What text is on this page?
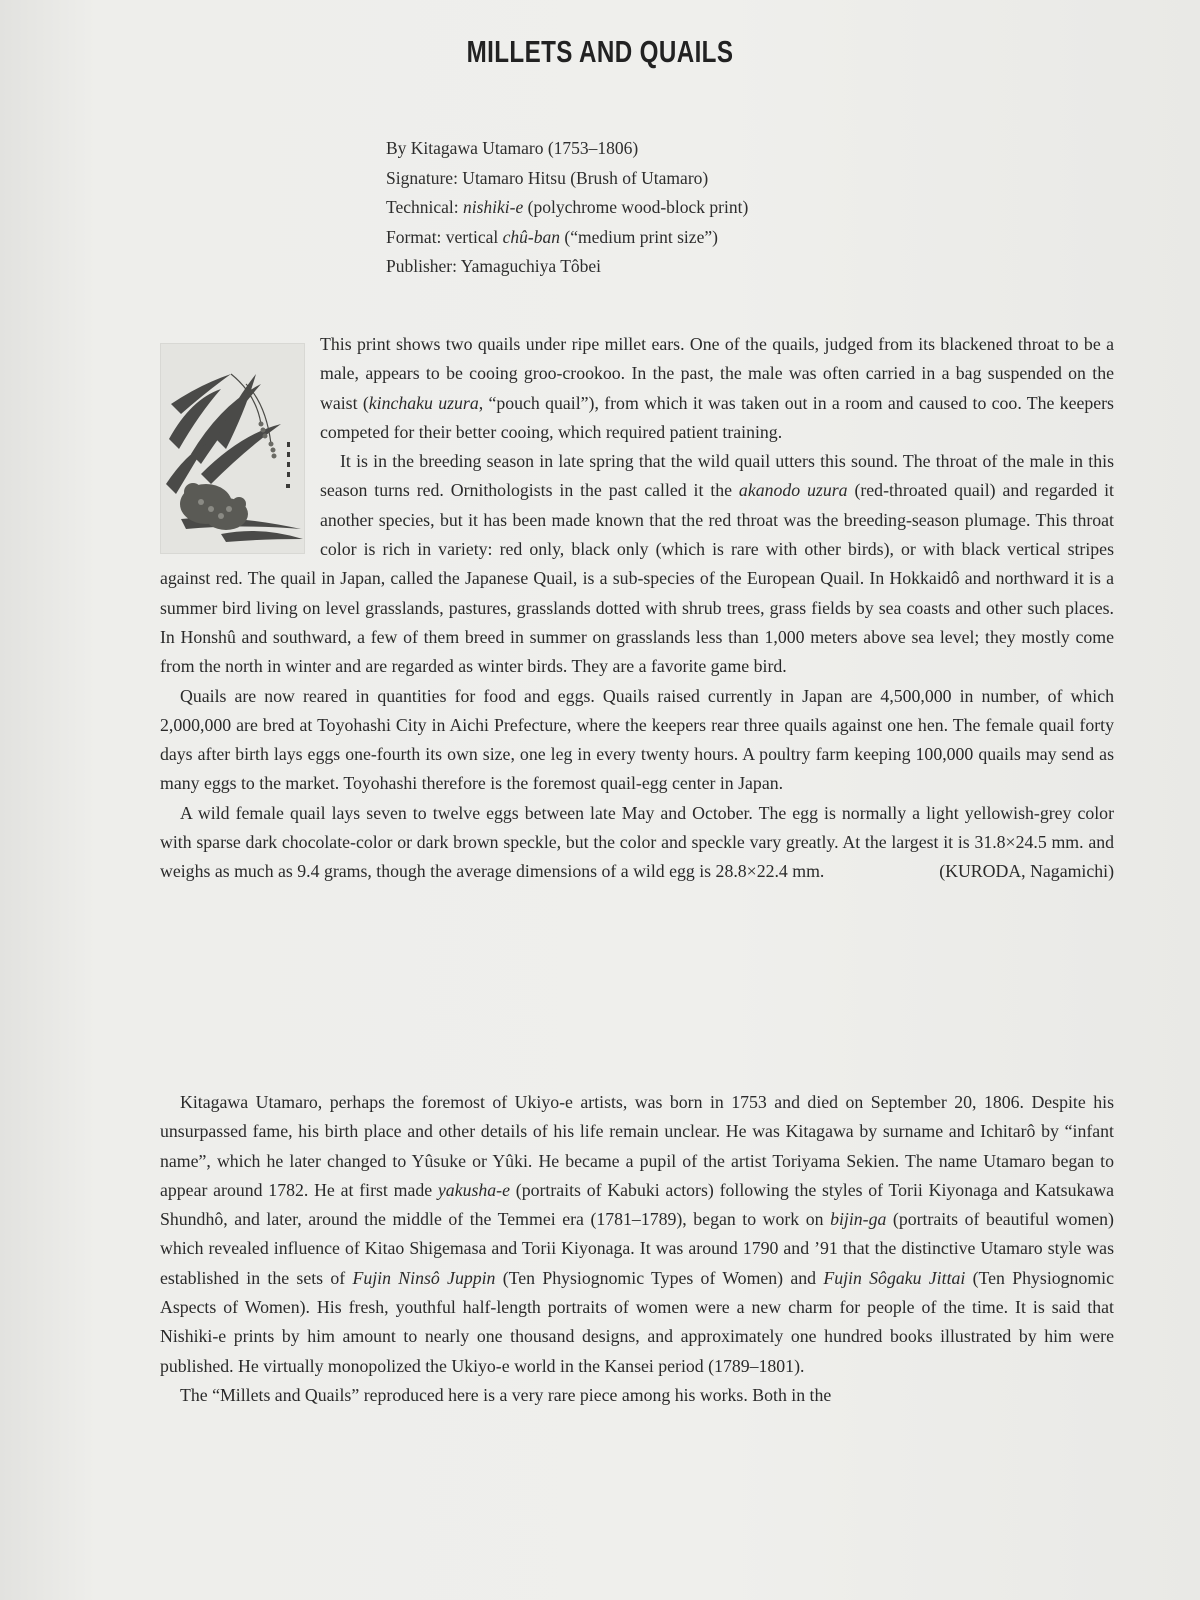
MILLETS AND QUAILS
By Kitagawa Utamaro (1753–1806)
Signature: Utamaro Hitsu (Brush of Utamaro)
Technical: nishiki-e (polychrome wood-block print)
Format: vertical chû-ban (“medium print size”)
Publisher: Yamaguchiya Tôbei

This print shows two quails under ripe millet ears. One of the quails, judged from its blackened throat to be a male, appears to be cooing groo-crookoo. In the past, the male was often carried in a bag suspended on the waist (kinchaku uzura, “pouch quail”), from which it was taken out in a room and caused to coo. The keepers competed for their better cooing, which required patient training.

It is in the breeding season in late spring that the wild quail utters this sound. The throat of the male in this season turns red. Ornithologists in the past called it the akanodo uzura (red-throated quail) and regarded it another species, but it has been made known that the red throat was the breeding-season plumage. This throat color is rich in variety: red only, black only (which is rare with other birds), or with black vertical stripes against red. The quail in Japan, called the Japanese Quail, is a sub-species of the European Quail. In Hokkaidô and northward it is a summer bird living on level grasslands, pastures, grasslands dotted with shrub trees, grass fields by sea coasts and other such places. In Honshû and southward, a few of them breed in summer on grasslands less than 1,000 meters above sea level; they mostly come from the north in winter and are regarded as winter birds. They are a favorite game bird.

Quails are now reared in quantities for food and eggs. Quails raised currently in Japan are 4,500,000 in number, of which 2,000,000 are bred at Toyohashi City in Aichi Prefecture, where the keepers rear three quails against one hen. The female quail forty days after birth lays eggs one-fourth its own size, one leg in every twenty hours. A poultry farm keeping 100,000 quails may send as many eggs to the market. Toyohashi therefore is the foremost quail-egg center in Japan.

A wild female quail lays seven to twelve eggs between late May and October. The egg is normally a light yellowish-grey color with sparse dark chocolate-color or dark brown speckle, but the color and speckle vary greatly. At the largest it is 31.8×24.5 mm. and weighs as much as 9.4 grams, though the average dimensions of a wild egg is 28.8×22.4 mm.	(KURODA, Nagamichi)

Kitagawa Utamaro, perhaps the foremost of Ukiyo-e artists, was born in 1753 and died on September 20, 1806. Despite his unsurpassed fame, his birth place and other details of his life remain unclear. He was Kitagawa by surname and Ichitarô by “infant name”, which he later changed to Yûsuke or Yûki. He became a pupil of the artist Toriyama Sekien. The name Utamaro began to appear around 1782. He at first made yakusha-e (portraits of Kabuki actors) following the styles of Torii Kiyonaga and Katsukawa Shundhô, and later, around the middle of the Temmei era (1781–1789), began to work on bijin-ga (portraits of beautiful women) which revealed influence of Kitao Shigemasa and Torii Kiyonaga. It was around 1790 and ’91 that the distinctive Utamaro style was established in the sets of Fujin Ninsô Juppin (Ten Physiognomic Types of Women) and Fujin Sôgaku Jittai (Ten Physiognomic Aspects of Women). His fresh, youthful half-length portraits of women were a new charm for people of the time. It is said that Nishiki-e prints by him amount to nearly one thousand designs, and approximately one hundred books illustrated by him were published. He virtually monopolized the Ukiyo-e world in the Kansei period (1789–1801).

The “Millets and Quails” reproduced here is a very rare piece among his works. Both in the
